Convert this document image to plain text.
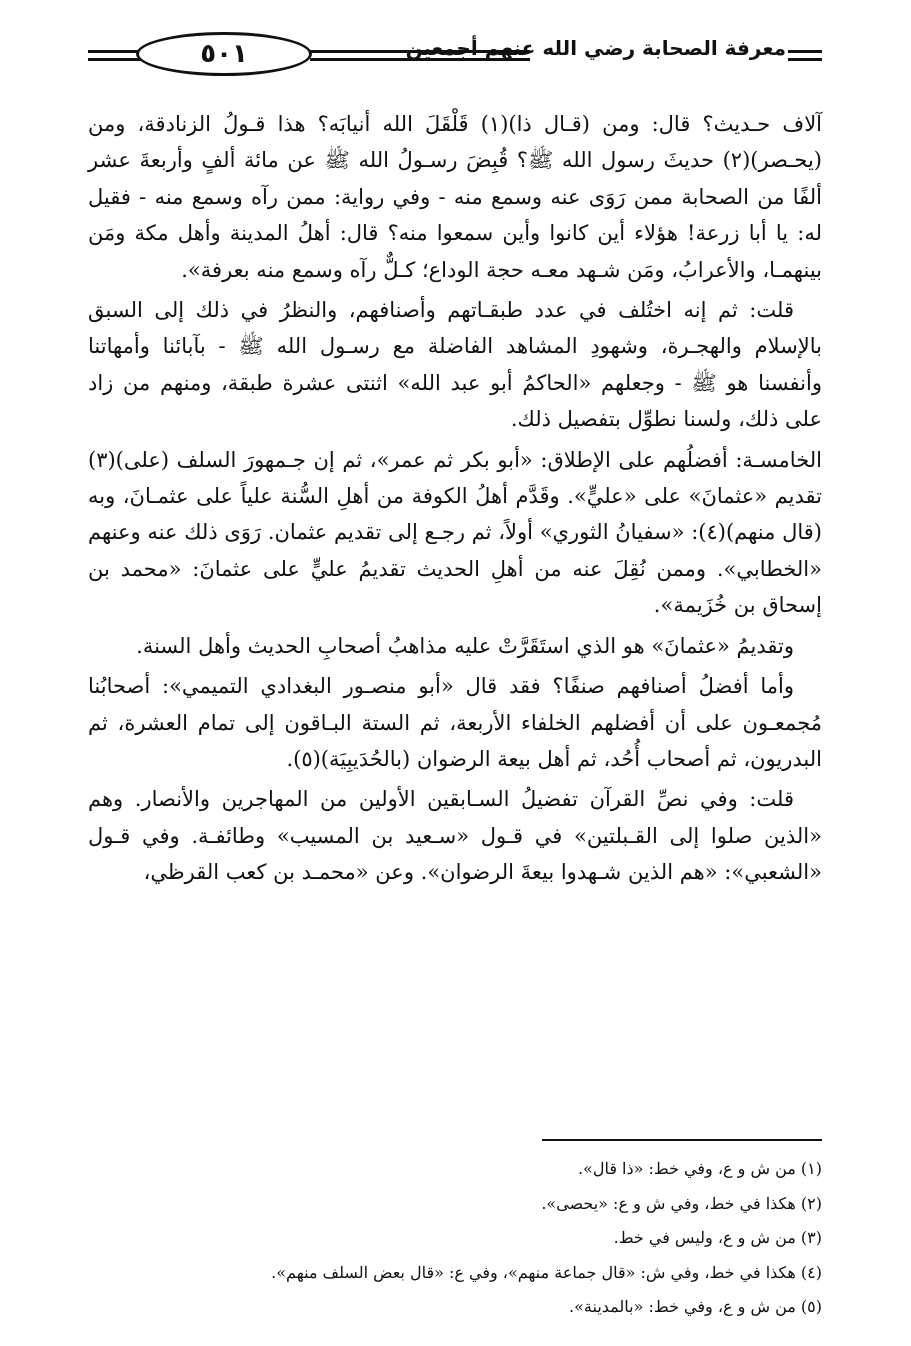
٥٠١	معرفة الصحابة رضي الله عنهم أجمعين

آلاف حـديث؟ قال: ومن (قـال ذا)(١) قَلْقَلَ الله أنيابَه؟ هذا قـولُ الزنادقة، ومن (يحـصر)(٢) حديثَ رسول الله ﷺ؟ قُبِضَ رسـولُ الله ﷺ عن مائة ألفٍ وأربعةَ عشر ألفًا من الصحابة ممن رَوَى عنه وسمع منه - وفي رواية: ممن رآه وسمع منه - فقيل له: يا أبا زرعة! هؤلاء أين كانوا وأين سمعوا منه؟ قال: أهلُ المدينة وأهل مكة ومَن بينهمـا، والأعرابُ، ومَن شـهد معـه حجة الوداع؛ كـلٌّ رآه وسمع منه بعرفة».

قلت: ثم إنه اختُلف في عدد طبقـاتهم وأصنافهم، والنظرُ في ذلك إلى السبق بالإسلام والهجـرة، وشهودِ المشاهد الفاضلة مع رسـول الله ﷺ - بآبائنا وأمهاتنا وأنفسنا هو ﷺ - وجعلهم «الحاكمُ أبو عبد الله» اثنتى عشرة طبقة، ومنهم من زاد على ذلك، ولسنا نطوِّل بتفصيل ذلك.

الخامسـة: أفضلُهم على الإطلاق: «أبو بكر ثم عمر»، ثم إن جـمهورَ السلف (على)(٣) تقديم «عثمانَ» على «عليٍّ». وقَدَّم أهلُ الكوفة من أهلِ السُّنة علياً على عثمـانَ، وبه (قال منهم)(٤): «سفيانُ الثوري» أولاً، ثم رجـع إلى تقديم عثمان. رَوَى ذلك عنه وعنهم «الخطابي». وممن نُقِلَ عنه من أهلِ الحديث تقديمُ عليٍّ على عثمانَ: «محمد بن إسحاق بن خُزَيمة».

وتقديمُ «عثمانَ» هو الذي استَقَرَّتْ عليه مذاهبُ أصحابِ الحديث وأهل السنة.

وأما أفضلُ أصنافهم صنفًا؟ فقد قال «أبو منصـور البغدادي التميمي»: أصحابُنا مُجمعـون على أن أفضلهم الخلفاء الأربعة، ثم الستة البـاقون إلى تمام العشرة، ثم البدريون، ثم أصحاب أُحُد، ثم أهل بيعة الرضوان (بالحُدَيبِيَة)(٥).

قلت: وفي نصِّ القرآن تفضيلُ السـابقين الأولين من المهاجرين والأنصار. وهم «الذين صلوا إلى القـبلتين» في قـول «سـعيد بن المسيب» وطائفـة. وفي قـول «الشعبي»: «هم الذين شـهدوا بيعةَ الرضوان». وعن «محمـد بن كعب القرظي،

(١) من ش و ع، وفي خط: «ذا قال».

(٢) هكذا في خط، وفي ش و ع: «يحصى».

(٣) من ش و ع، وليس في خط.

(٤) هكذا في خط، وفي ش: «قال جماعة منهم»، وفي ع: «قال بعض السلف منهم».

(٥) من ش و ع، وفي خط: «بالمدينة».
